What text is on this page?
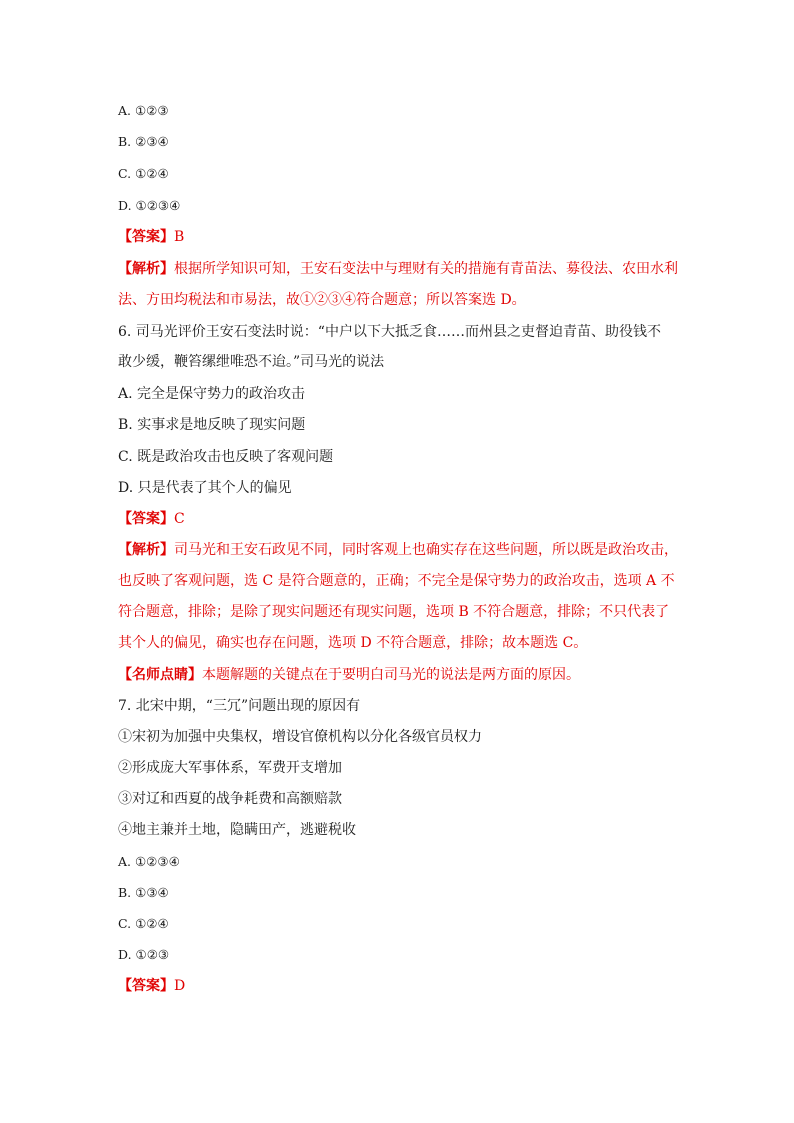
A. ①②③
B. ②③④
C. ①②④
D. ①②③④
【答案】B
【解析】根据所学知识可知，王安石变法中与理财有关的措施有青苗法、募役法、农田水利
法、方田均税法和市易法，故①②③④符合题意；所以答案选 D。
6. 司马光评价王安石变法时说：“中户以下大抵乏食……而州县之吏督迫青苗、助役钱不
敢少缓，鞭笞缧绁唯恐不迨。”司马光的说法
A. 完全是保守势力的政治攻击
B. 实事求是地反映了现实问题
C. 既是政治攻击也反映了客观问题
D. 只是代表了其个人的偏见
【答案】C
【解析】司马光和王安石政见不同，同时客观上也确实存在这些问题，所以既是政治攻击，
也反映了客观问题，选 C 是符合题意的，正确；不完全是保守势力的政治攻击，选项 A 不
符合题意，排除；是除了现实问题还有现实问题，选项 B 不符合题意，排除；不只代表了
其个人的偏见，确实也存在问题，选项 D 不符合题意，排除；故本题选 C。
【名师点睛】本题解题的关键点在于要明白司马光的说法是两方面的原因。
7. 北宋中期，“三冗”问题出现的原因有
①宋初为加强中央集权，增设官僚机构以分化各级官员权力
②形成庞大军事体系，军费开支增加
③对辽和西夏的战争耗费和高额赔款
④地主兼并土地，隐瞒田产，逃避税收
A. ①②③④
B. ①③④
C. ①②④
D. ①②③
【答案】D
